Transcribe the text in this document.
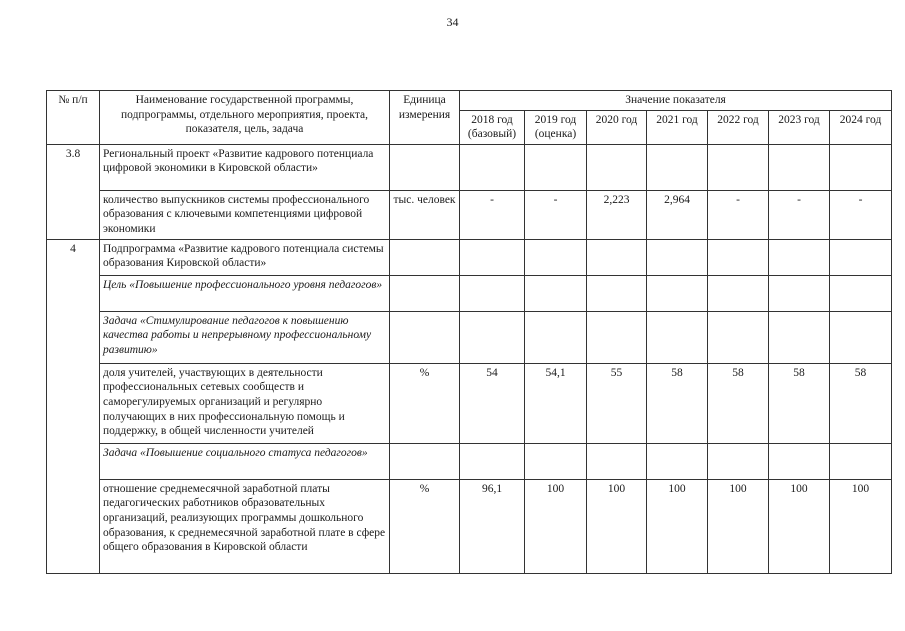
34
№ п/п	Наименование государственной программы, подпрограммы, отдельного мероприятия, проекта, показателя, цель, задача	Единица измерения	Значение показателя						
			2018 год (базовый)	2019 год (оценка)	2020 год	2021 год	2022 год	2023 год	2024 год
3.8	Региональный проект «Развитие кадрового потенциала цифровой экономики в Кировской области»								
	количество выпускников системы профессионального образования с ключевыми компетенциями цифровой экономики	тыс. человек	-	-	2,223	2,964	-	-	-
4	Подпрограмма «Развитие кадрового потенциала системы образования Кировской области»								
	Цель «Повышение профессионального уровня педагогов»								
	Задача «Стимулирование педагогов к повышению качества работы и непрерывному профессиональному развитию»								
	доля учителей, участвующих в деятельности профессиональных сетевых сообществ и саморегулируемых организаций и регулярно получающих в них профессиональную помощь и поддержку, в общей численности учителей	%	54	54,1	55	58	58	58	58
	Задача «Повышение социального статуса педагогов»								
	отношение среднемесячной заработной платы педагогических работников образовательных организаций, реализующих программы дошкольного образования, к среднемесячной заработной плате в сфере общего образования в Кировской области	%	96,1	100	100	100	100	100	100
